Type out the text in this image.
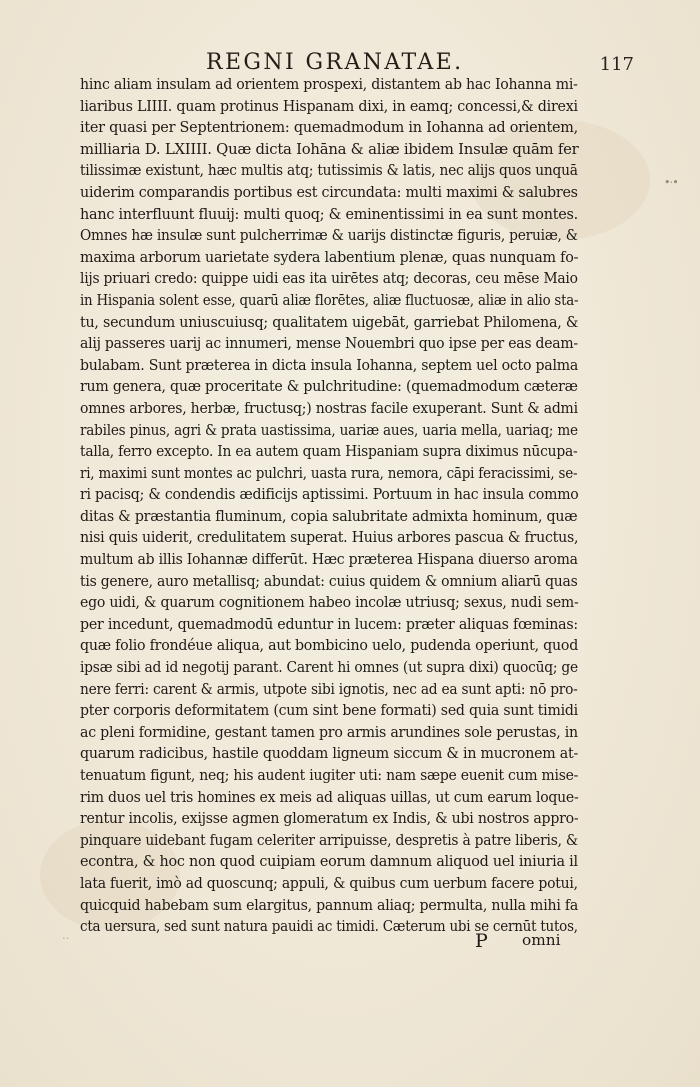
REGNI GRANATAE.	117
hinc aliam insulam ad orientem prospexi, distantem ab hac Iohanna mi-
liaribus LIIII. quam protinus Hispanam dixi, in eamq; concessi,& direxi
iter quasi per Septentrionem: quemadmodum in Iohanna ad orientem,
milliaria D. LXIIII. Quæ dicta Iohāna & aliæ ibidem Insulæ quām fer
tilissimæ existunt, hæc multis atq; tutissimis & latis, nec alijs quos unquā
uiderim comparandis portibus est circundata: multi maximi & salubres
hanc interfluunt fluuij: multi quoq; & eminentissimi in ea sunt montes.
Omnes hæ insulæ sunt pulcherrimæ & uarijs distinctæ figuris, peruiæ, &
maxima arborum uarietate sydera labentium plenæ, quas nunquam fo-
lijs priuari credo: quippe uidi eas ita uirētes atq; decoras, ceu mēse Maio
in Hispania solent esse, quarū aliæ florētes, aliæ fluctuosæ, aliæ in alio sta-
tu, secundum uniuscuiusq; qualitatem uigebāt, garriebat Philomena, &
alij passeres uarij ac innumeri, mense Nouembri quo ipse per eas deam-
bulabam. Sunt præterea in dicta insula Iohanna, septem uel octo palma
rum genera, quæ proceritate & pulchritudine: (quemadmodum cæteræ
omnes arbores, herbæ, fructusq;) nostras facile exuperant. Sunt & admi
rabiles pinus, agri & prata uastissima, uariæ aues, uaria mella, uariaq; me
talla, ferro excepto. In ea autem quam Hispaniam supra diximus nūcupa-
ri, maximi sunt montes ac pulchri, uasta rura, nemora, cāpi feracissimi, se-
ri pacisq; & condendis ædificijs aptissimi. Portuum in hac insula commo
ditas & præstantia fluminum, copia salubritate admixta hominum, quæ
nisi quis uiderit, credulitatem superat. Huius arbores pascua & fructus,
multum ab illis Iohannæ differūt. Hæc præterea Hispana diuerso aroma
tis genere, auro metallisq; abundat: cuius quidem & omnium aliarū quas
ego uidi, & quarum cognitionem habeo incolæ utriusq; sexus, nudi sem-
per incedunt, quemadmodū eduntur in lucem: præter aliquas fœminas:
quæ folio frondéue aliqua, aut bombicino uelo, pudenda operiunt, quod
ipsæ sibi ad id negotij parant. Carent hi omnes (ut supra dixi) quocūq; ge
nere ferri: carent & armis, utpote sibi ignotis, nec ad ea sunt apti: nō pro-
pter corporis deformitatem (cum sint bene formati) sed quia sunt timidi
ac pleni formidine, gestant tamen pro armis arundines sole perustas, in
quarum radicibus, hastile quoddam ligneum siccum & in mucronem at-
tenuatum figunt, neq; his audent iugiter uti: nam sæpe euenit cum mise-
rim duos uel tris homines ex meis ad aliquas uillas, ut cum earum loque-
rentur incolis, exijsse agmen glomeratum ex Indis, & ubi nostros appro-
pinquare uidebant fugam celeriter arripuisse, despretis à patre liberis, &
econtra, & hoc non quod cuipiam eorum damnum aliquod uel iniuria il
lata fuerit, imò ad quoscunq; appuli, & quibus cum uerbum facere potui,
quicquid habebam sum elargitus, pannum aliaq; permulta, nulla mihi fa
cta uersura, sed sunt natura pauidi ac timidi. Cæterum ubi se cernūt tutos,
P omni
•⋅•
⋅⋅
